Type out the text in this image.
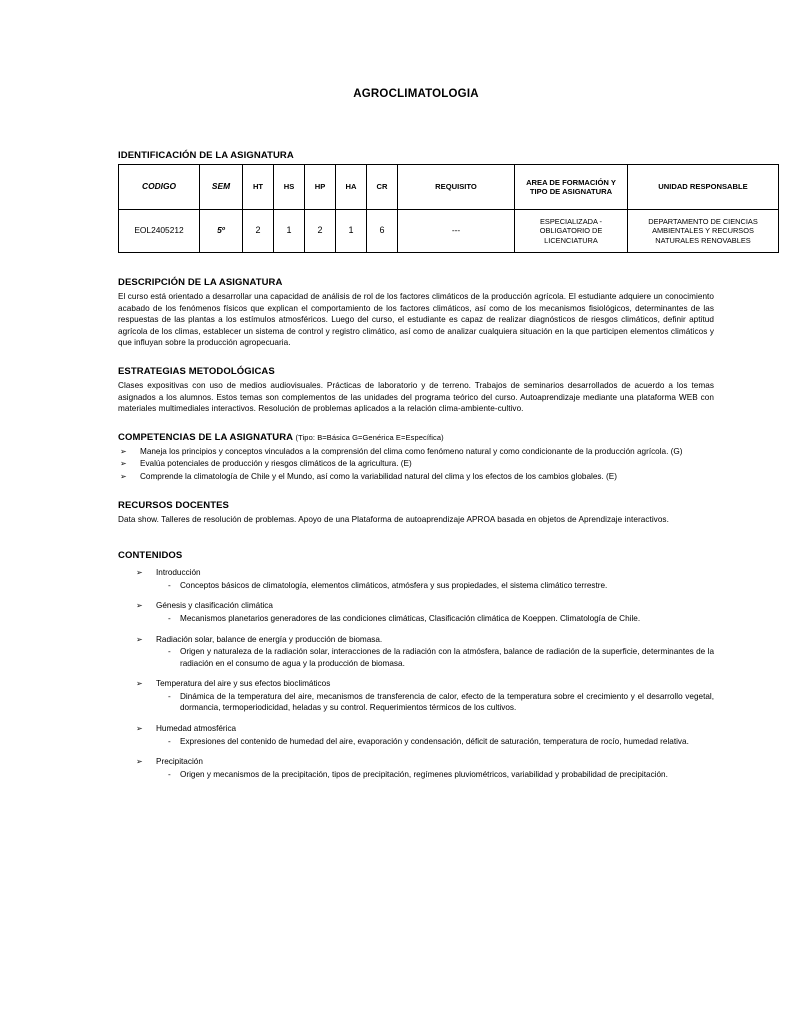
AGROCLIMATOLOGIA
IDENTIFICACIÓN DE LA ASIGNATURA
CODIGO	SEM	HT	HS	HP	HA	CR	REQUISITO	AREA DE FORMACIÓN Y TIPO DE ASIGNATURA	UNIDAD RESPONSABLE
EOL2405212	5º	2	1	2	1	6	---	ESPECIALIZADA - OBLIGATORIO DE LICENCIATURA	DEPARTAMENTO DE CIENCIAS AMBIENTALES Y RECURSOS NATURALES RENOVABLES
DESCRIPCIÓN DE LA ASIGNATURA

El curso está orientado a desarrollar una capacidad de análisis de rol de los factores climáticos de la producción agrícola. El estudiante adquiere un conocimiento acabado de los fenómenos físicos que explican el comportamiento de los factores climáticos, así como de los mecanismos fisiológicos, determinantes de las respuestas de las plantas a los estímulos atmosféricos. Luego del curso, el estudiante es capaz de realizar diagnósticos de riesgos climáticos, definir aptitud agrícola de los climas, establecer un sistema de control y registro climático, así como de analizar cualquiera situación en la que participen elementos climáticos y que influyan sobre la producción agropecuaria.

ESTRATEGIAS METODOLÓGICAS

Clases expositivas con uso de medios audiovisuales. Prácticas de laboratorio y de terreno. Trabajos de seminarios desarrollados de acuerdo a los temas asignados a los alumnos. Estos temas son complementos de las unidades del programa teórico del curso. Autoaprendizaje mediante una plataforma WEB con materiales multimediales interactivos. Resolución de problemas aplicados a la relación clima-ambiente-cultivo.

COMPETENCIAS DE LA ASIGNATURA (Tipo: B=Básica G=Genérica E=Específica)
➢ Maneja los principios y conceptos vinculados a la comprensión del clima como fenómeno natural y como condicionante de la producción agrícola. (G)
➢ Evalúa potenciales de producción y riesgos climáticos de la agricultura. (E)
➢ Comprende la climatología de Chile y el Mundo, así como la variabilidad natural del clima y los efectos de los cambios globales. (E)
RECURSOS DOCENTES

Data show. Talleres de resolución de problemas. Apoyo de una Plataforma de autoaprendizaje APROA basada en objetos de Aprendizaje interactivos.

CONTENIDOS
➢ Introducción
- Conceptos básicos de climatología, elementos climáticos, atmósfera y sus propiedades, el sistema climático terrestre.
➢ Génesis y clasificación climática
- Mecanismos planetarios generadores de las condiciones climáticas, Clasificación climática de Koeppen. Climatología de Chile.
➢ Radiación solar, balance de energía y producción de biomasa.
- Origen y naturaleza de la radiación solar, interacciones de la radiación con la atmósfera, balance de radiación de la superficie, determinantes de la radiación en el consumo de agua y la producción de biomasa.
➢ Temperatura del aire y sus efectos bioclimáticos
- Dinámica de la temperatura del aire, mecanismos de transferencia de calor, efecto de la temperatura sobre el crecimiento y el desarrollo vegetal, dormancia, termoperiodicidad, heladas y su control. Requerimientos térmicos de los cultivos.
➢ Humedad atmosférica
- Expresiones del contenido de humedad del aire, evaporación y condensación, déficit de saturación, temperatura de rocío, humedad relativa.
➢ Precipitación
- Origen y mecanismos de la precipitación, tipos de precipitación, regímenes pluviométricos, variabilidad y probabilidad de precipitación.
